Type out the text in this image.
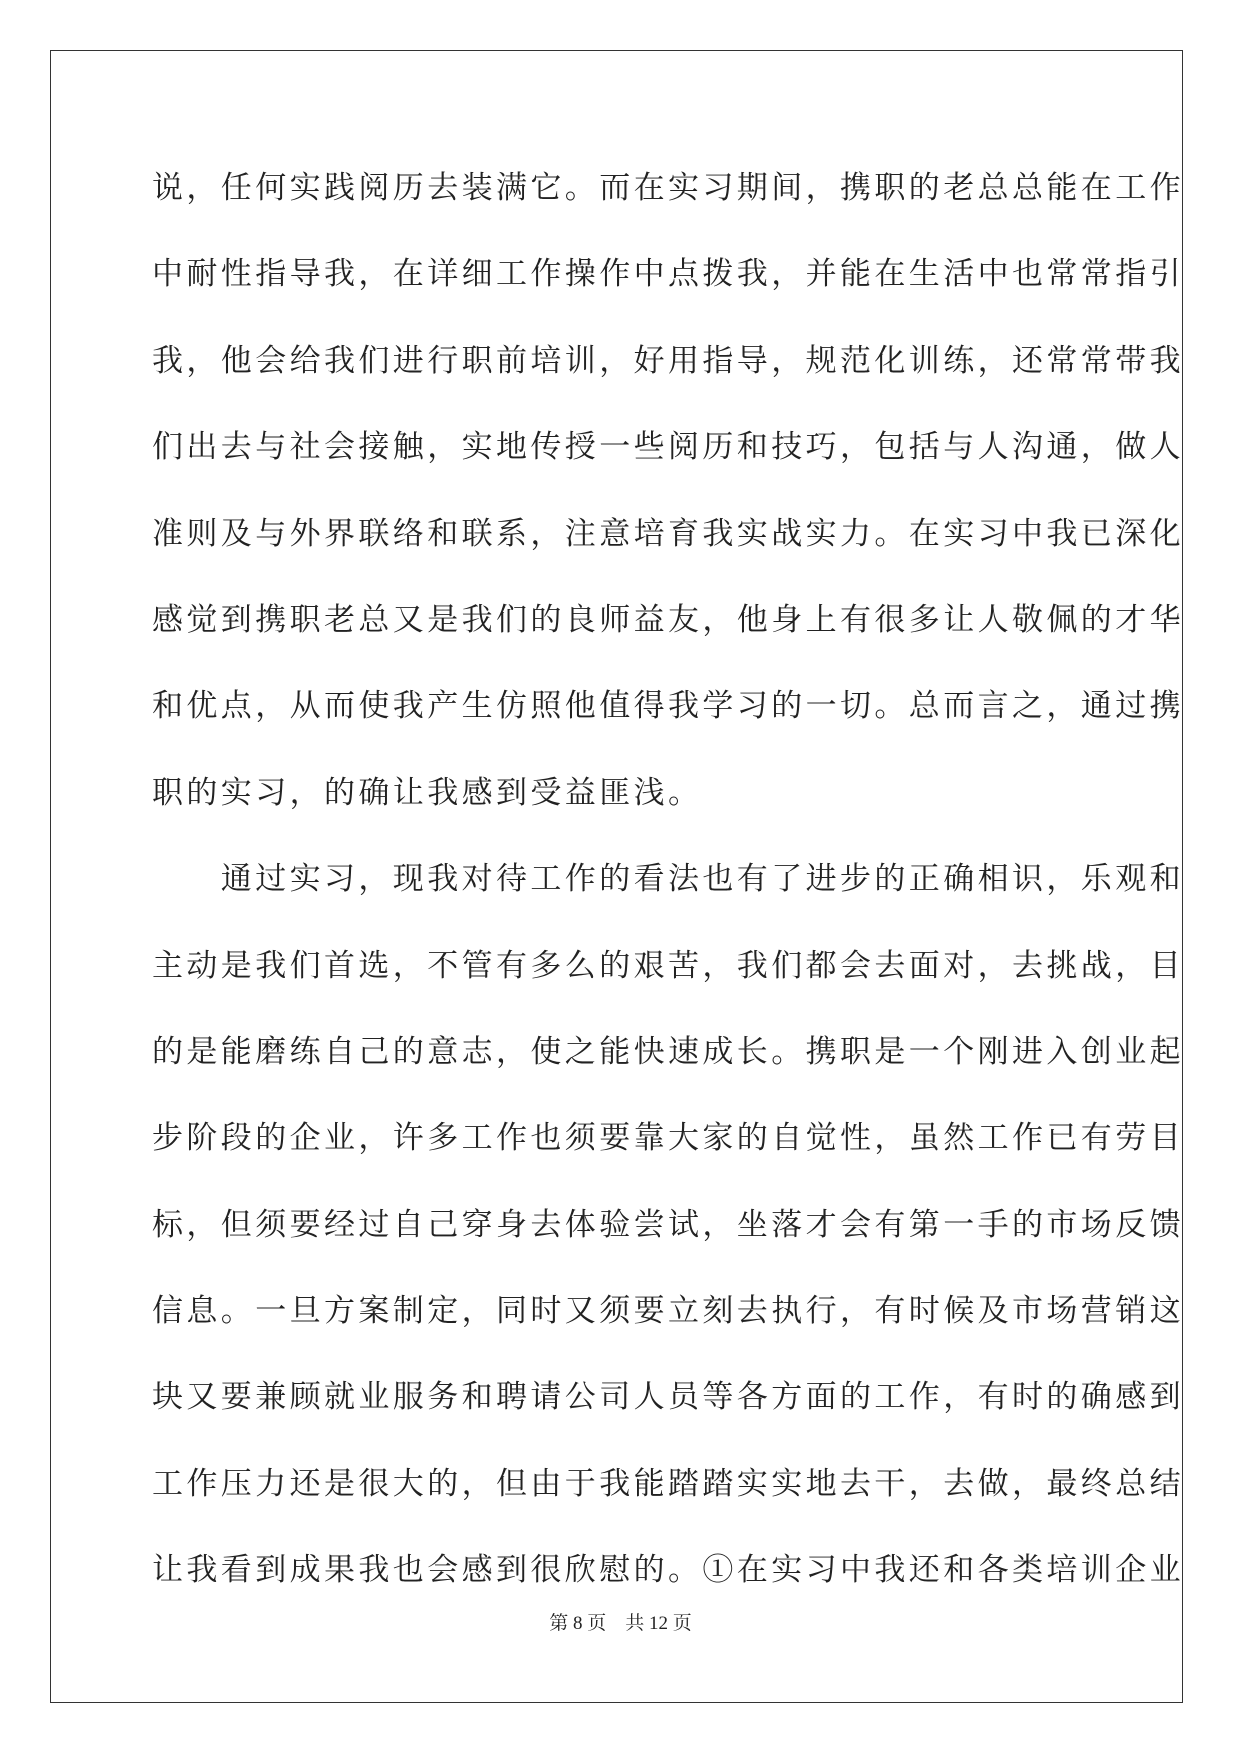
说，任何实践阅历去装满它。而在实习期间，携职的老总总能在工作
中耐性指导我，在详细工作操作中点拨我，并能在生活中也常常指引
我，他会给我们进行职前培训，好用指导，规范化训练，还常常带我
们出去与社会接触，实地传授一些阅历和技巧，包括与人沟通，做人
准则及与外界联络和联系，注意培育我实战实力。在实习中我已深化
感觉到携职老总又是我们的良师益友，他身上有很多让人敬佩的才华
和优点，从而使我产生仿照他值得我学习的一切。总而言之，通过携
职的实习，的确让我感到受益匪浅。
　　通过实习，现我对待工作的看法也有了进步的正确相识，乐观和
主动是我们首选，不管有多么的艰苦，我们都会去面对，去挑战，目
的是能磨练自己的意志，使之能快速成长。携职是一个刚进入创业起
步阶段的企业，许多工作也须要靠大家的自觉性，虽然工作已有劳目
标，但须要经过自己穿身去体验尝试，坐落才会有第一手的市场反馈
信息。一旦方案制定，同时又须要立刻去执行，有时候及市场营销这
块又要兼顾就业服务和聘请公司人员等各方面的工作，有时的确感到
工作压力还是很大的，但由于我能踏踏实实地去干，去做，最终总结
让我看到成果我也会感到很欣慰的。①在实习中我还和各类培训企业
第 8 页　共 12 页
